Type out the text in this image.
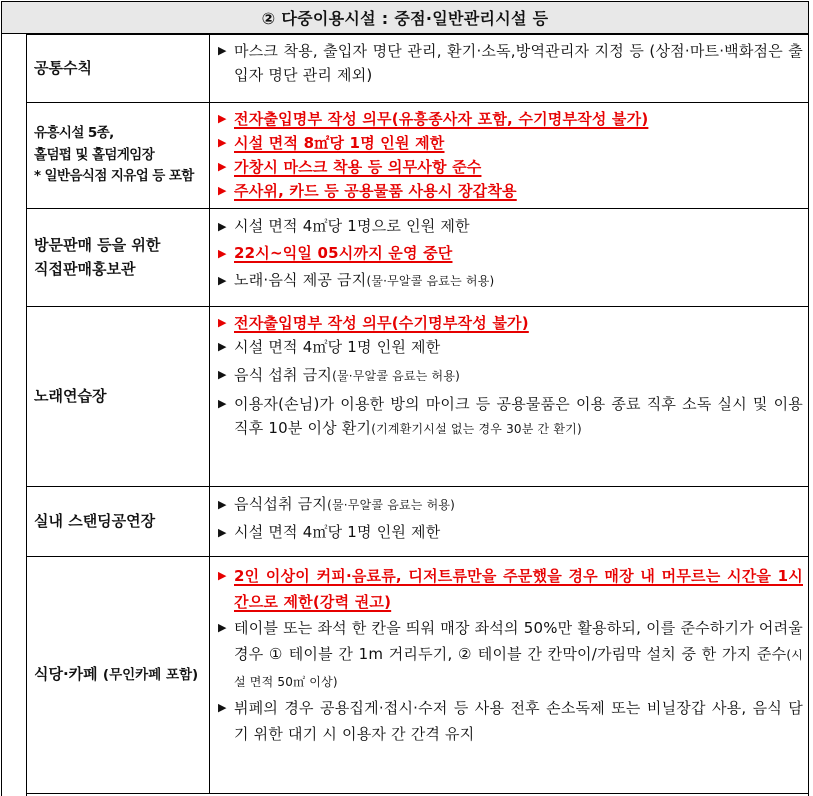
② 다중이용시설 : 중점·일반관리시설 등
공통수칙
▶ 마스크 착용, 출입자 명단 관리, 환기·소독,방역관리자 지정 등 (상점·마트·백화점은 출입자 명단 관리 제외)
유흥시설 5종,
홀덤펍 및 홀덤게임장
* 일반음식점 지유업 등 포함
▶ 전자출입명부 작성 의무(유흥종사자 포함, 수기명부작성 불가)
▶ 시설 면적 8㎡당 1명 인원 제한
▶ 가창시 마스크 착용 등 의무사항 준수
▶ 주사위, 카드 등 공용물품 사용시 장갑착용
방문판매 등을 위한
직접판매홍보관
▶ 시설 면적 4㎡당 1명으로 인원 제한
▶ 22시~익일 05시까지 운영 중단
▶ 노래·음식 제공 금지(물·무알콜 음료는 허용)
노래연습장
▶ 전자출입명부 작성 의무(수기명부작성 불가)
▶ 시설 면적 4㎡당 1명 인원 제한
▶ 음식 섭취 금지(물·무알콜 음료는 허용)
▶ 이용자(손님)가 이용한 방의 마이크 등 공용물품은 이용 종료 직후 소독 실시 및 이용 직후 10분 이상 환기(기계환기시설 없는 경우 30분 간 환기)
실내 스탠딩공연장
▶ 음식섭취 금지(물·무알콜 음료는 허용)
▶ 시설 면적 4㎡당 1명 인원 제한
식당·카페 (무인카페 포함)
▶ 2인 이상이 커피·음료류, 디저트류만을 주문했을 경우 매장 내 머무르는 시간을 1시간으로 제한(강력 권고)
▶ 테이블 또는 좌석 한 칸을 띄워 매장 좌석의 50%만 활용하되, 이를 준수하기가 어려울 경우 ① 테이블 간 1m 거리두기, ② 테이블 간 칸막이/가림막 설치 중 한 가지 준수(시설 면적 50㎡ 이상)
▶ 뷔페의 경우 공용집게·접시·수저 등 사용 전후 손소독제 또는 비닐장갑 사용, 음식 담기 위한 대기 시 이용자 간 간격 유지
